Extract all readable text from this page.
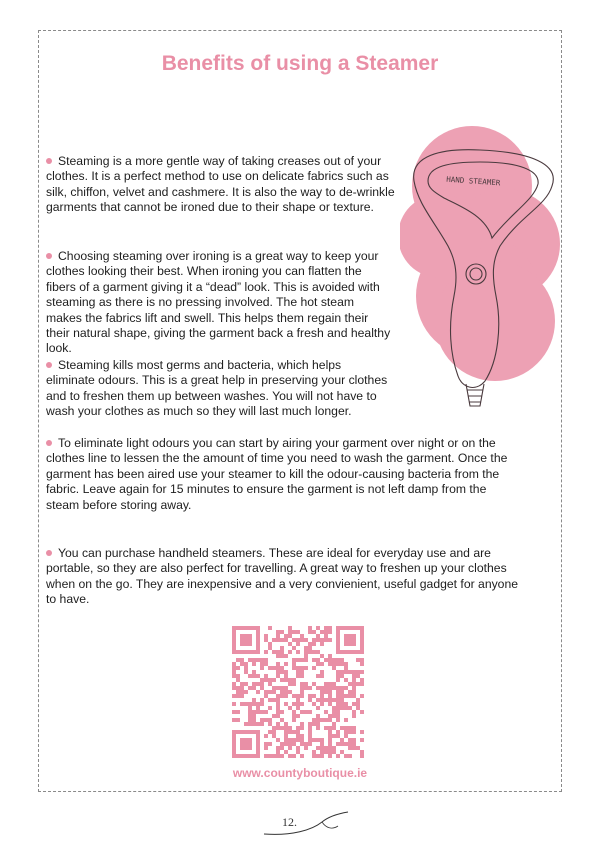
Benefits of using a Steamer
HAND STEAMER

Steaming is a more gentle way of taking creases out of your clothes. It is a perfect method to use on delicate fabrics such as silk, chiffon, velvet and cashmere. It is also the way to de-wrinkle garments that cannot be ironed due to their shape or texture.

Choosing steaming over ironing is a great way to keep your clothes looking their best. When ironing you can flatten the fibers of a garment giving it a “dead” look. This is avoided with steaming as there is no pressing involved. The hot steam makes the fabrics lift and swell. This helps them regain their their natural shape, giving the garment back a fresh and healthy look.

Steaming kills most germs and bacteria, which helps eliminate odours. This is a great help in preserving your clothes and to freshen them up between washes. You will not have to wash your clothes as much so they will last much longer.

To eliminate light odours you can start by airing your garment over night or on the clothes line to lessen the the amount of time you need to wash the garment. Once the garment has been aired use your steamer to kill the odour-causing bacteria from the fabric. Leave again for 15 minutes to ensure the garment is not left damp from the steam before storing away.

You can purchase handheld steamers. These are ideal for everyday use and are portable, so they are also perfect for travelling. A great way to freshen up your clothes when on the go. They are inexpensive and a very convienient, useful gadget for anyone to have.

www.countyboutique.ie
12.
